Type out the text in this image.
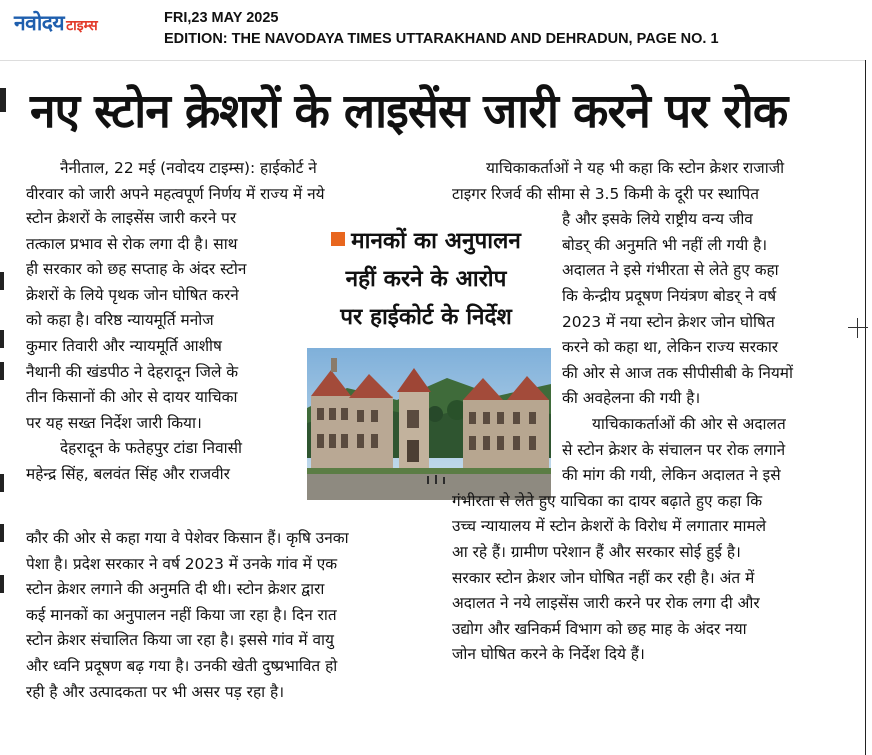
नवोदय टाइम्स	FRI,23 MAY 2025
EDITION: THE NAVODAYA TIMES UTTARAKHAND AND DEHRADUN, PAGE NO. 1
नए स्टोन क्रेशरों के लाइसेंस जारी करने पर रोक

नैनीताल, 22 मई (नवोदय टाइम्स): हाईकोर्ट ने

वीरवार को जारी अपने महत्वपूर्ण निर्णय में राज्य में नये

स्टोन क्रेशरों के लाइसेंस जारी करने पर

तत्काल प्रभाव से रोक लगा दी है। साथ

ही सरकार को छह सप्ताह के अंदर स्टोन

क्रेशरों के लिये पृथक जोन घोषित करने

को कहा है। वरिष्ठ न्यायमूर्ति मनोज

कुमार तिवारी और न्यायमूर्ति आशीष

नैथानी की खंडपीठ ने देहरादून जिले के

तीन किसानों की ओर से दायर याचिका

पर यह सख्त निर्देश जारी किया।

देहरादून के फतेहपुर टांडा निवासी

महेन्द्र सिंह, बलवंत सिंह और राजवीर

कौर की ओर से कहा गया वे पेशेवर किसान हैं। कृषि उनका

पेशा है। प्रदेश सरकार ने वर्ष 2023 में उनके गांव में एक

स्टोन क्रेशर लगाने की अनुमति दी थी। स्टोन क्रेशर द्वारा

कई मानकों का अनुपालन नहीं किया जा रहा है। दिन रात

स्टोन क्रेशर संचालित किया जा रहा है। इससे गांव में वायु

और ध्वनि प्रदूषण बढ़ गया है। उनकी खेती दुष्प्रभावित हो

रही है और उत्पादकता पर भी असर पड़ रहा है।

मानकों का अनुपालन
नहीं करने के आरोप
पर हाईकोर्ट के निर्देश

याचिकाकर्ताओं ने यह भी कहा कि स्टोन क्रेशर राजाजी

टाइगर रिजर्व की सीमा से 3.5 किमी के दूरी पर स्थापित

है और इसके लिये राष्ट्रीय वन्य जीव

बोडर् की अनुमति भी नहीं ली गयी है।

अदालत ने इसे गंभीरता से लेते हुए कहा

कि केन्द्रीय प्रदूषण नियंत्रण बोडर् ने वर्ष

2023 में नया स्टोन क्रेशर जोन घोषित

करने को कहा था, लेकिन राज्य सरकार

की ओर से आज तक सीपीसीबी के नियमों

की अवहेलना की गयी है।

याचिकाकर्ताओं की ओर से अदालत

से स्टोन क्रेशर के संचालन पर रोक लगाने

की मांग की गयी, लेकिन अदालत ने इसे

गंभीरता से लेते हुए याचिका का दायर बढ़ाते हुए कहा कि

उच्च न्यायालय में स्टोन क्रेशरों के विरोध में लगातार मामले

आ रहे हैं। ग्रामीण परेशान हैं और सरकार सोई हुई है।

सरकार स्टोन क्रेशर जोन घोषित नहीं कर रही है। अंत में

अदालत ने नये लाइसेंस जारी करने पर रोक लगा दी और

उद्योग और खनिकर्म विभाग को छह माह के अंदर नया

जोन घोषित करने के निर्देश दिये हैं।
